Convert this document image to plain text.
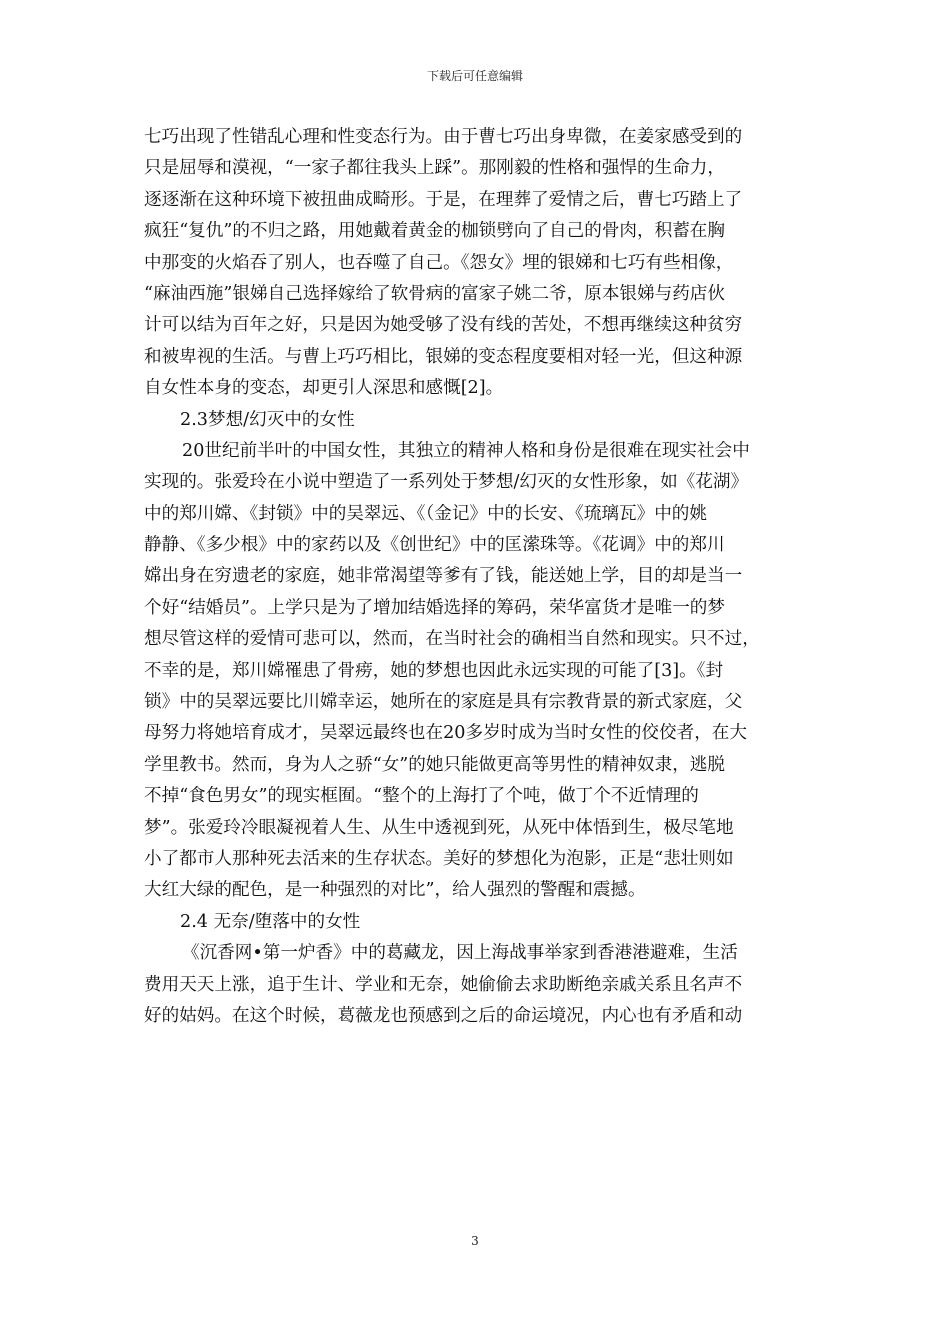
下载后可任意编辑
七巧出现了性错乱心理和性变态行为。由于曹七巧出身卑微，在姜家感受到的
只是屈辱和漠视，“一家子都往我头上踩”。那刚毅的性格和强悍的生命力，
逐逐渐在这种环境下被扭曲成畸形。于是，在理葬了爱情之后，曹七巧踏上了
疯狂“复仇”的不归之路，用她戴着黄金的枷锁劈向了自己的骨肉，积蓄在胸
中那变的火焰吞了别人，也吞噬了自己。《怨女》埋的银娣和七巧有些相像，
“麻油西施”银娣自己选择嫁给了软骨病的富家子姚二爷，原本银娣与药店伙
计可以结为百年之好，只是因为她受够了没有线的苦处，不想再继续这种贫穷
和被卑视的生活。与曹上巧巧相比，银娣的变态程度要相对轻一光，但这种源
自女性本身的变态，却更引人深思和感慨[2]。
2.3梦想/幻灭中的女性
20世纪前半叶的中国女性，其独立的精神人格和身份是很难在现实社会中
实现的。张爱玲在小说中塑造了一系列处于梦想/幻灭的女性形象，如《花湖》
中的郑川嫦、《封锁》中的吴翠远、《（金记》中的长安、《琉璃瓦》中的姚
静静、《多少根》中的家药以及《创世纪》中的匡潆珠等。《花调》中的郑川
嫦出身在穷遗老的家庭，她非常渴望等爹有了钱，能送她上学，目的却是当一
个好“结婚员”。上学只是为了增加结婚选择的筹码，荣华富货才是唯一的梦
想尽管这样的爱情可悲可以，然而，在当时社会的确相当自然和现实。只不过，
不幸的是，郑川嫦罹患了骨痨，她的梦想也因此永远实现的可能了[3]。《封
锁》中的吴翠远要比川嫦幸运，她所在的家庭是具有宗教背景的新式家庭，父
母努力将她培育成才，吴翠远最终也在20多岁时成为当时女性的佼佼者，在大
学里教书。然而，身为人之骄“女”的她只能做更高等男性的精神奴隶，逃脱
不掉“食色男女”的现实框囿。“整个的上海打了个吨，做丁个不近情理的
梦”。张爱玲冷眼凝视着人生、从生中透视到死，从死中体悟到生，极尽笔地
小了都市人那种死去活来的生存状态。美好的梦想化为泡影，正是“悲壮则如
大红大绿的配色，是一种强烈的对比”，给人强烈的警醒和震撼。
2.4 无奈/堕落中的女性
《沉香网•第一炉香》中的葛藏龙，因上海战事举家到香港港避难，生活
费用天天上涨，追于生计、学业和无奈，她偷偷去求助断绝亲戚关系且名声不
好的姑妈。在这个时候，葛薇龙也预感到之后的命运境况，内心也有矛盾和动
3
